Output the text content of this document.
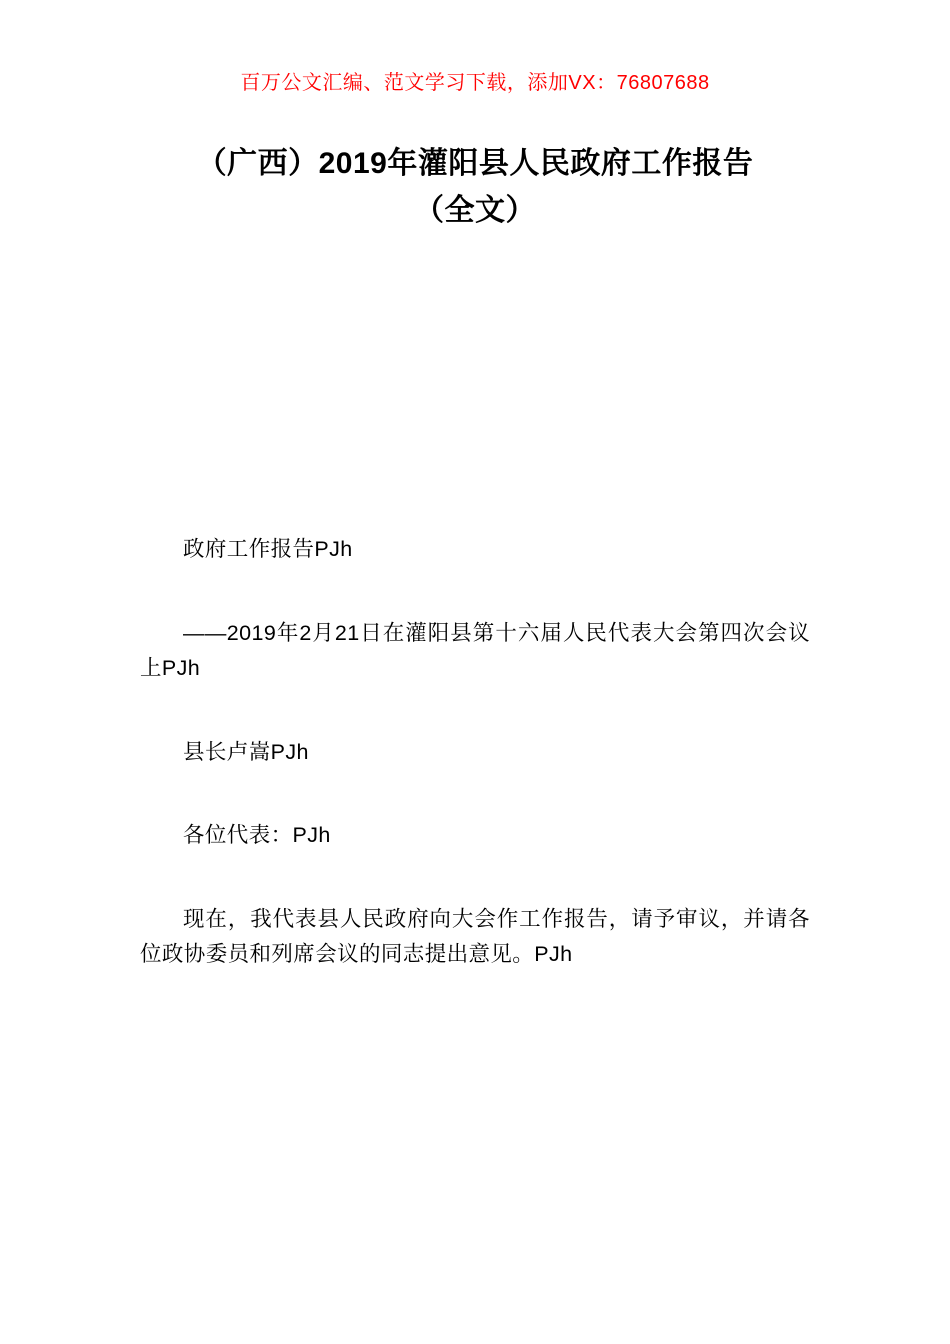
百万公文汇编、范文学习下载，添加VX：76807688
（广西）2019年灌阳县人民政府工作报告
（全文）

政府工作报告PJh

——2019年2月21日在灌阳县第十六届人民代表大会第四次会议上PJh

县长卢嵩PJh

各位代表：PJh

现在，我代表县人民政府向大会作工作报告，请予审议，并请各位政协委员和列席会议的同志提出意见。PJh
